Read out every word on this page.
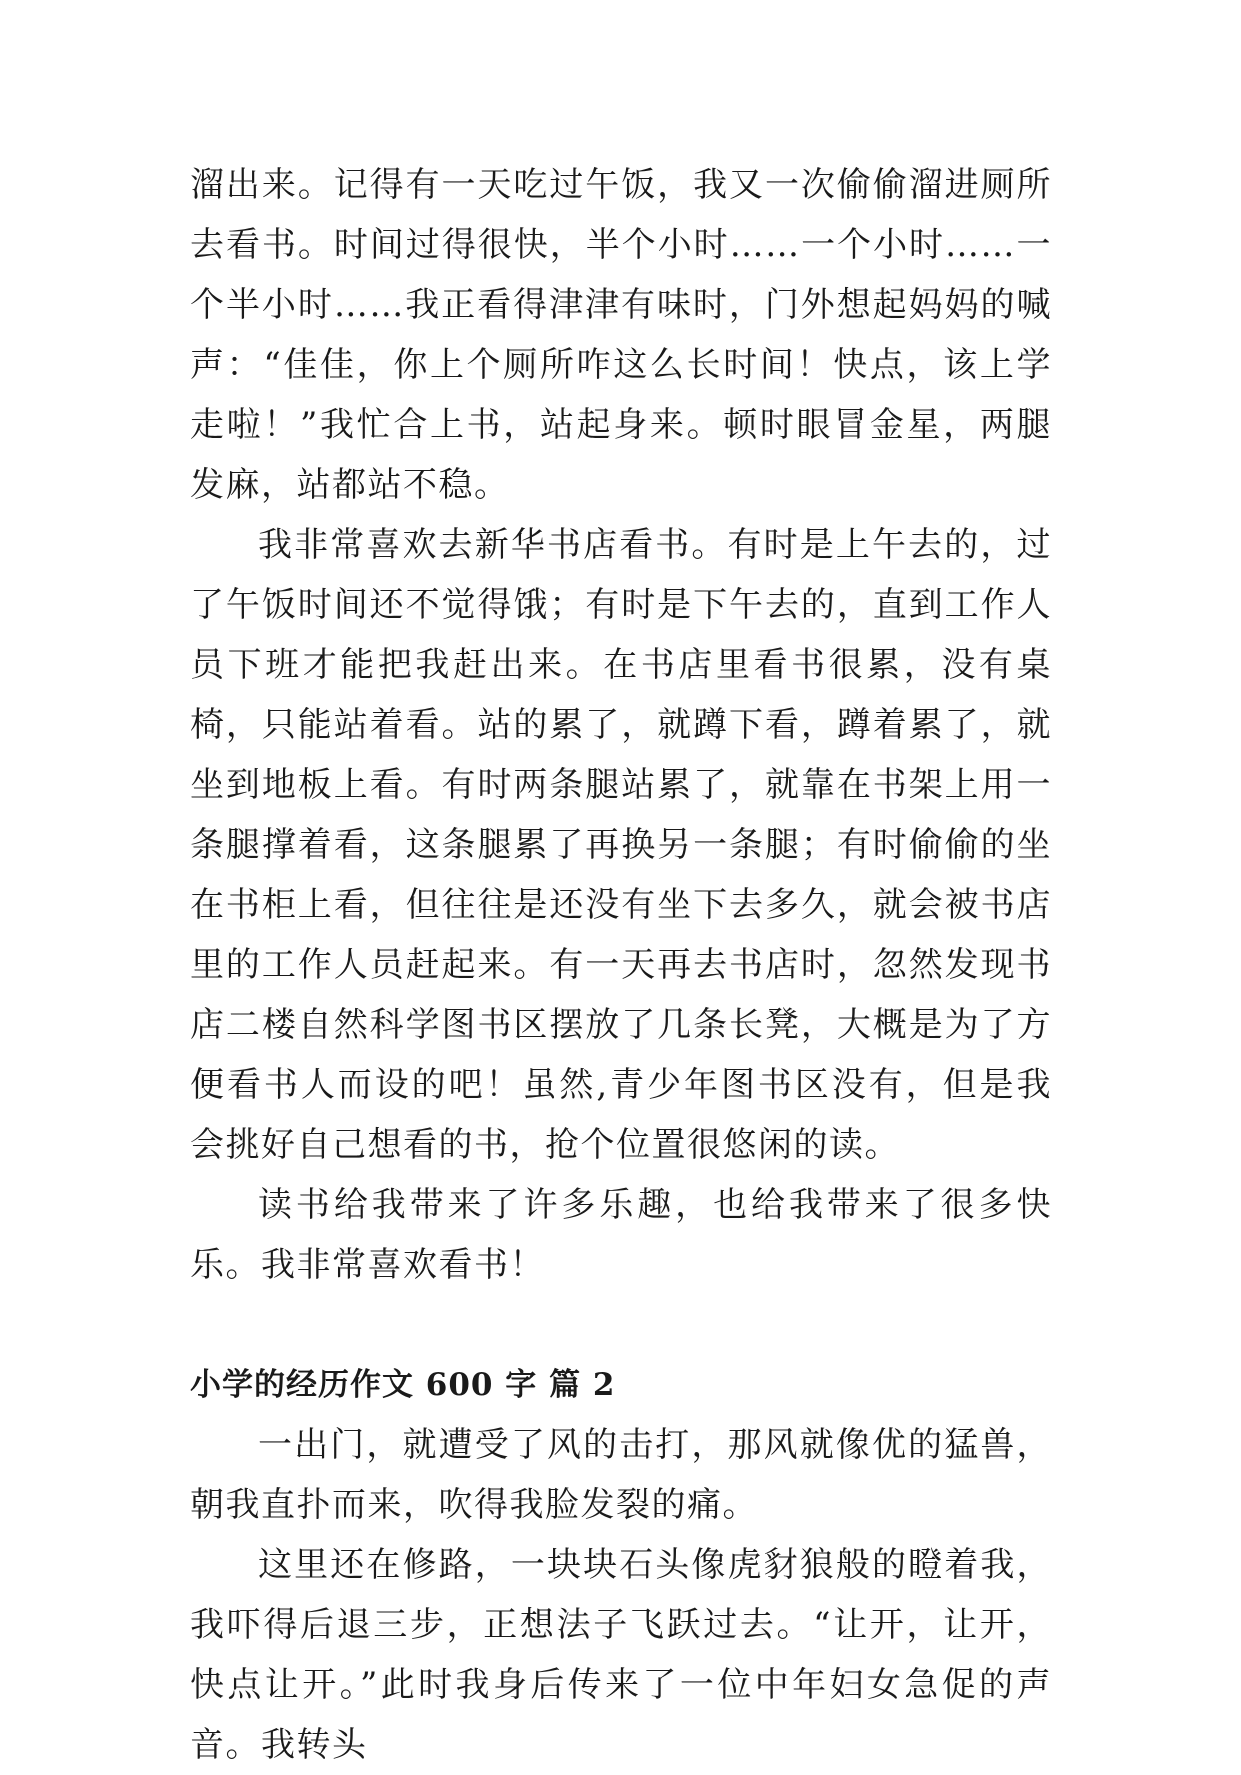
溜出来。记得有一天吃过午饭，我又一次偷偷溜进厕所去看书。时间过得很快，半个小时……一个小时……一个半小时……我正看得津津有味时，门外想起妈妈的喊声：“佳佳，你上个厕所咋这么长时间！快点，该上学走啦！”我忙合上书，站起身来。顿时眼冒金星，两腿发麻，站都站不稳。

我非常喜欢去新华书店看书。有时是上午去的，过了午饭时间还不觉得饿；有时是下午去的，直到工作人员下班才能把我赶出来。在书店里看书很累，没有桌椅，只能站着看。站的累了，就蹲下看，蹲着累了，就坐到地板上看。有时两条腿站累了，就靠在书架上用一条腿撑着看，这条腿累了再换另一条腿；有时偷偷的坐在书柜上看，但往往是还没有坐下去多久，就会被书店里的工作人员赶起来。有一天再去书店时，忽然发现书店二楼自然科学图书区摆放了几条长凳，大概是为了方便看书人而设的吧！虽然,青少年图书区没有，但是我会挑好自己想看的书，抢个位置很悠闲的读。

读书给我带来了许多乐趣，也给我带来了很多快乐。我非常喜欢看书！

小学的经历作文 600 字 篇 2

一出门，就遭受了风的击打，那风就像优的猛兽，朝我直扑而来，吹得我脸发裂的痛。

这里还在修路，一块块石头像虎豺狼般的瞪着我，我吓得后退三步，正想法子飞跃过去。“让开，让开，快点让开。”此时我身后传来了一位中年妇女急促的声音。我转头
